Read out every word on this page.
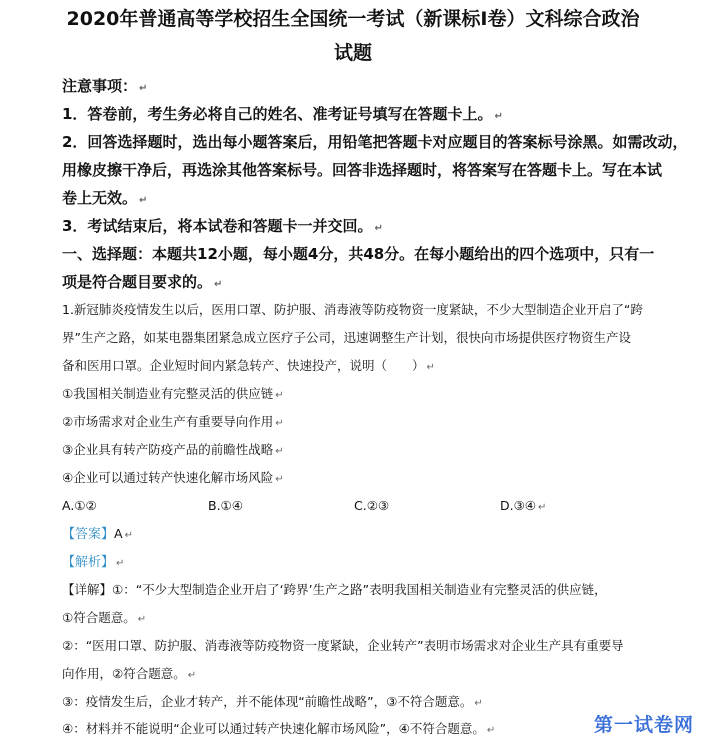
2020年普通高等学校招生全国统一考试（新课标Ⅰ卷）文科综合政治
试题
注意事项： ↵
1．答卷前，考生务必将自己的姓名、准考证号填写在答题卡上。 ↵
2．回答选择题时，选出每小题答案后，用铅笔把答题卡对应题目的答案标号涂黑。如需改动，
用橡皮擦干净后，再选涂其他答案标号。回答非选择题时，将答案写在答题卡上。写在本试
卷上无效。 ↵
3．考试结束后，将本试卷和答题卡一并交回。 ↵
一、选择题：本题共12小题，每小题4分，共48分。在每小题给出的四个选项中，只有一
项是符合题目要求的。 ↵
1.新冠肺炎疫情发生以后，医用口罩、防护服、消毒液等防疫物资一度紧缺，不少大型制造企业开启了“跨
界”生产之路，如某电器集团紧急成立医疗子公司，迅速调整生产计划，很快向市场提供医疗物资生产设
备和医用口罩。企业短时间内紧急转产、快速投产，说明（　　） ↵
①我国相关制造业有完整灵活的供应链 ↵
②市场需求对企业生产有重要导向作用 ↵
③企业具有转产防疫产品的前瞻性战略 ↵
④企业可以通过转产快速化解市场风险 ↵
A.①②	B.①④	C.②③	D.③④ ↵
【答案】A ↵
【解析】 ↵
【详解】①：“不少大型制造企业开启了‘跨界’生产之路”表明我国相关制造业有完整灵活的供应链，
①符合题意。 ↵
②：“医用口罩、防护服、消毒液等防疫物资一度紧缺，企业转产”表明市场需求对企业生产具有重要导
向作用，②符合题意。 ↵
③：疫情发生后，企业才转产，并不能体现“前瞻性战略”，③不符合题意。 ↵
④：材料并不能说明“企业可以通过转产快速化解市场风险”，④不符合题意。 ↵	第一试卷网
